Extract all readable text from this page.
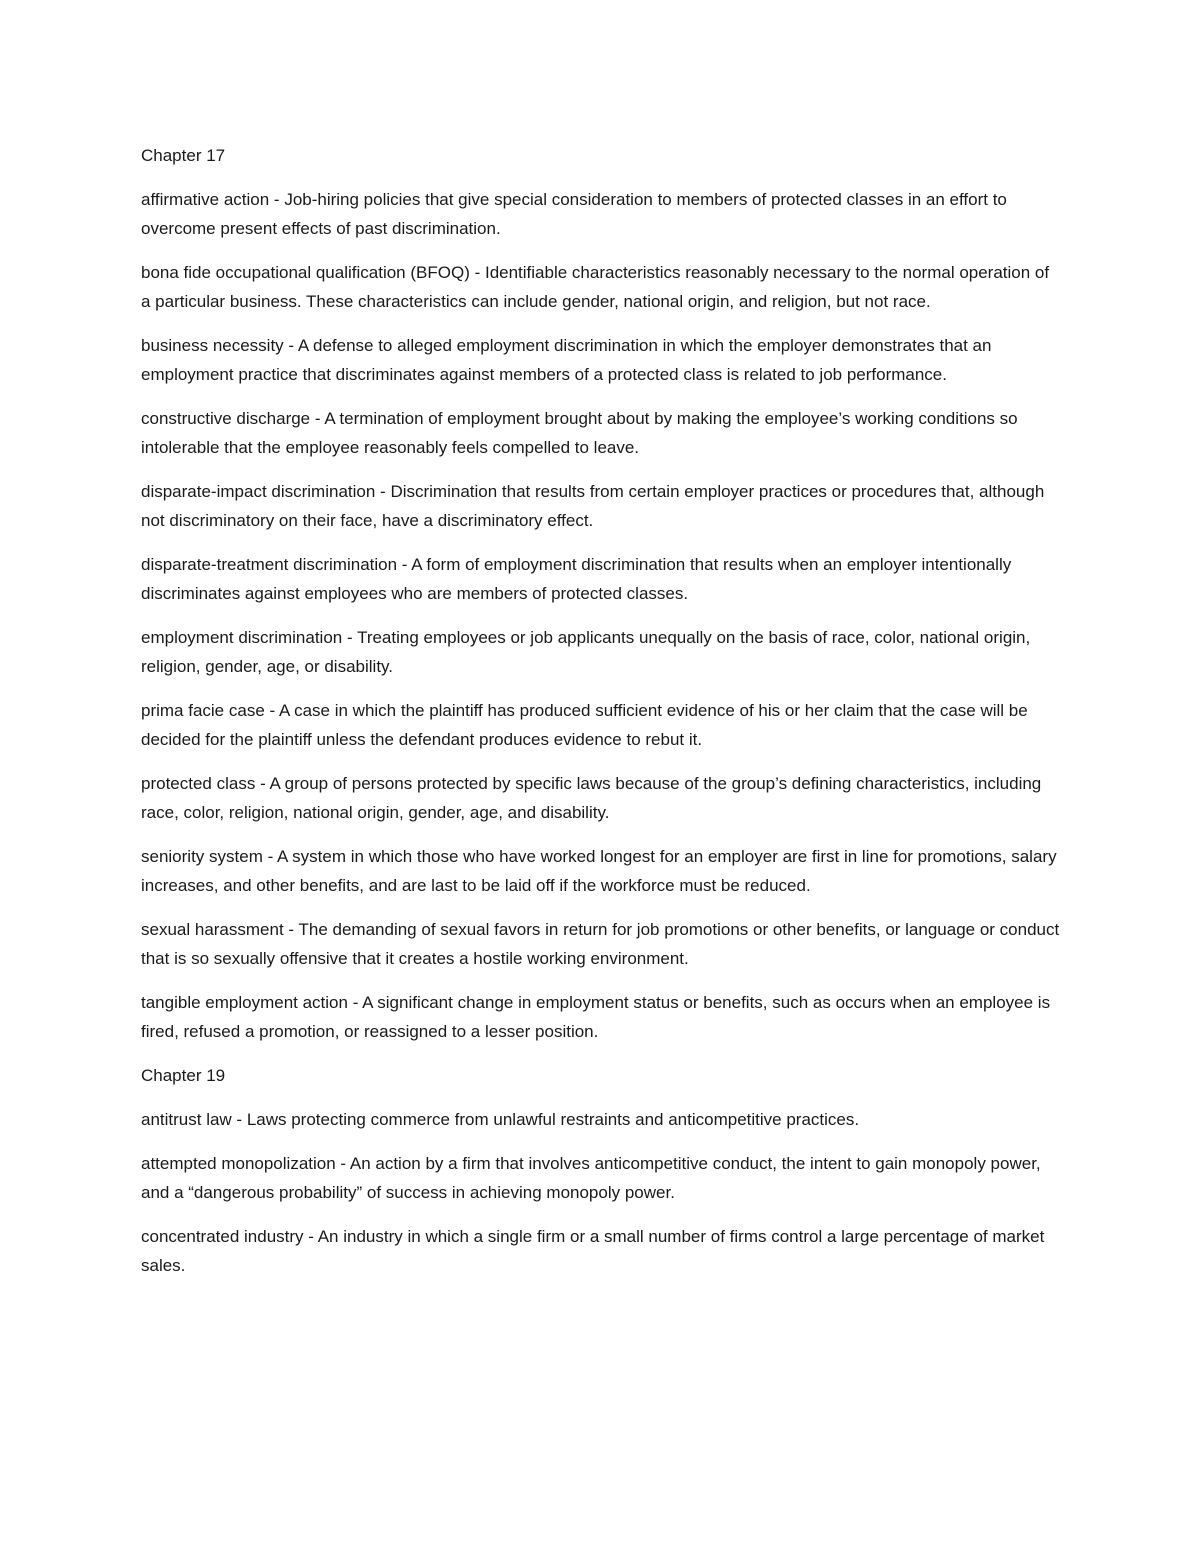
Chapter 17

affirmative action - Job-hiring policies that give special consideration to members of protected classes in an effort to overcome present effects of past discrimination.

bona fide occupational qualification (BFOQ) - Identifiable characteristics reasonably necessary to the normal operation of a particular business. These characteristics can include gender, national origin, and religion, but not race.

business necessity - A defense to alleged employment discrimination in which the employer demonstrates that an employment practice that discriminates against members of a protected class is related to job performance.

constructive discharge - A termination of employment brought about by making the employee’s working conditions so intolerable that the employee reasonably feels compelled to leave.

disparate-impact discrimination - Discrimination that results from certain employer practices or procedures that, although not discriminatory on their face, have a discriminatory effect.

disparate-treatment discrimination - A form of employment discrimination that results when an employer intentionally discriminates against employees who are members of protected classes.

employment discrimination - Treating employees or job applicants unequally on the basis of race, color, national origin, religion, gender, age, or disability.

prima facie case - A case in which the plaintiff has produced sufficient evidence of his or her claim that the case will be decided for the plaintiff unless the defendant produces evidence to rebut it.

protected class - A group of persons protected by specific laws because of the group’s defining characteristics, including race, color, religion, national origin, gender, age, and disability.

seniority system - A system in which those who have worked longest for an employer are first in line for promotions, salary increases, and other benefits, and are last to be laid off if the workforce must be reduced.

sexual harassment - The demanding of sexual favors in return for job promotions or other benefits, or language or conduct that is so sexually offensive that it creates a hostile working environment.

tangible employment action - A significant change in employment status or benefits, such as occurs when an employee is fired, refused a promotion, or reassigned to a lesser position.

Chapter 19

antitrust law - Laws protecting commerce from unlawful restraints and anticompetitive practices.

attempted monopolization - An action by a firm that involves anticompetitive conduct, the intent to gain monopoly power, and a “dangerous probability” of success in achieving monopoly power.

concentrated industry - An industry in which a single firm or a small number of firms control a large percentage of market sales.
